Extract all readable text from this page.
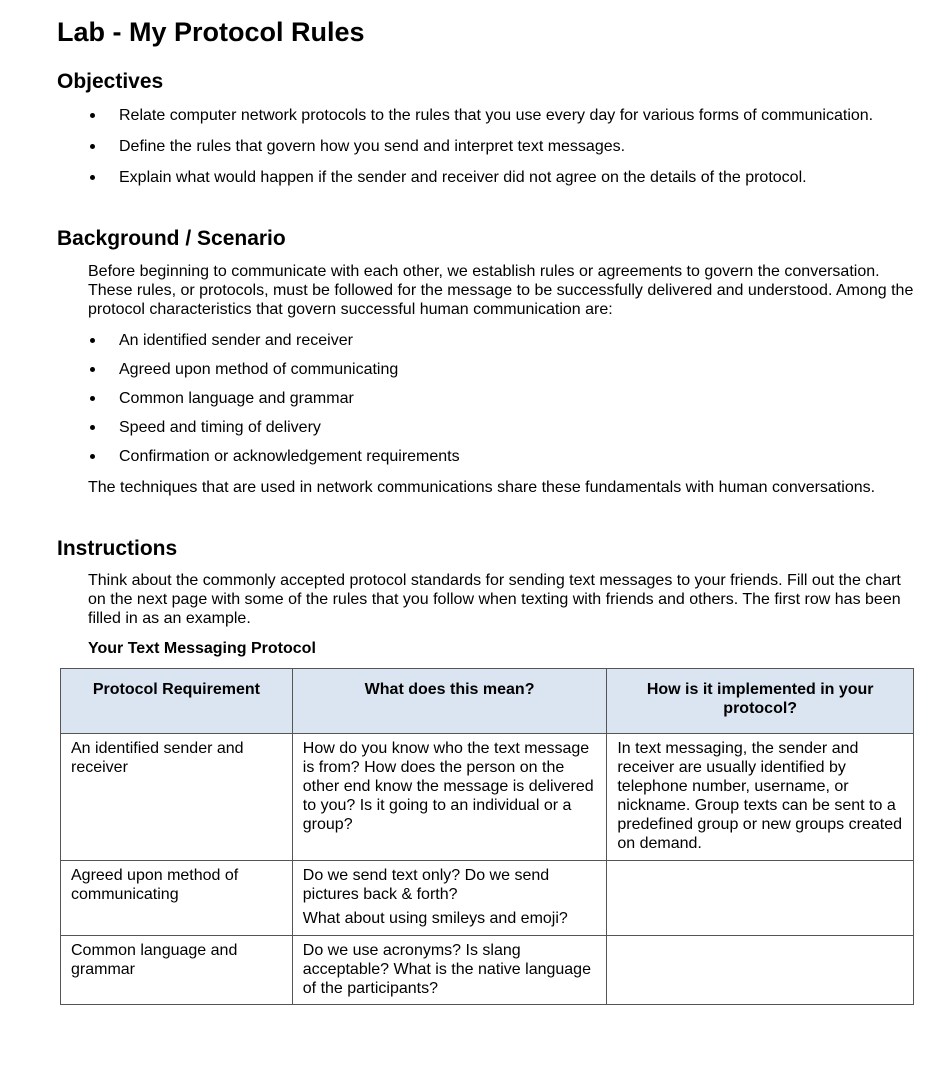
Lab - My Protocol Rules
Objectives
Relate computer network protocols to the rules that you use every day for various forms of communication.
Define the rules that govern how you send and interpret text messages.
Explain what would happen if the sender and receiver did not agree on the details of the protocol.
Background / Scenario

Before beginning to communicate with each other, we establish rules or agreements to govern the conversation. These rules, or protocols, must be followed for the message to be successfully delivered and understood. Among the protocol characteristics that govern successful human communication are:

An identified sender and receiver
Agreed upon method of communicating
Common language and grammar
Speed and timing of delivery
Confirmation or acknowledgement requirements

The techniques that are used in network communications share these fundamentals with human conversations.

Instructions

Think about the commonly accepted protocol standards for sending text messages to your friends. Fill out the chart on the next page with some of the rules that you follow when texting with friends and others. The first row has been filled in as an example.

Your Text Messaging Protocol

Protocol Requirement	What does this mean?	How is it implemented in your protocol?
An identified sender and receiver	How do you know who the text message is from? How does the person on the other end know the message is delivered to you? Is it going to an individual or a group?	In text messaging, the sender and receiver are usually identified by telephone number, username, or nickname. Group texts can be sent to a predefined group or new groups created on demand.
Agreed upon method of communicating	Do we send text only? Do we send pictures back & forth?

What about using smileys and emoji?	

Common language and grammar	Do we use acronyms? Is slang acceptable? What is the native language of the participants?	
